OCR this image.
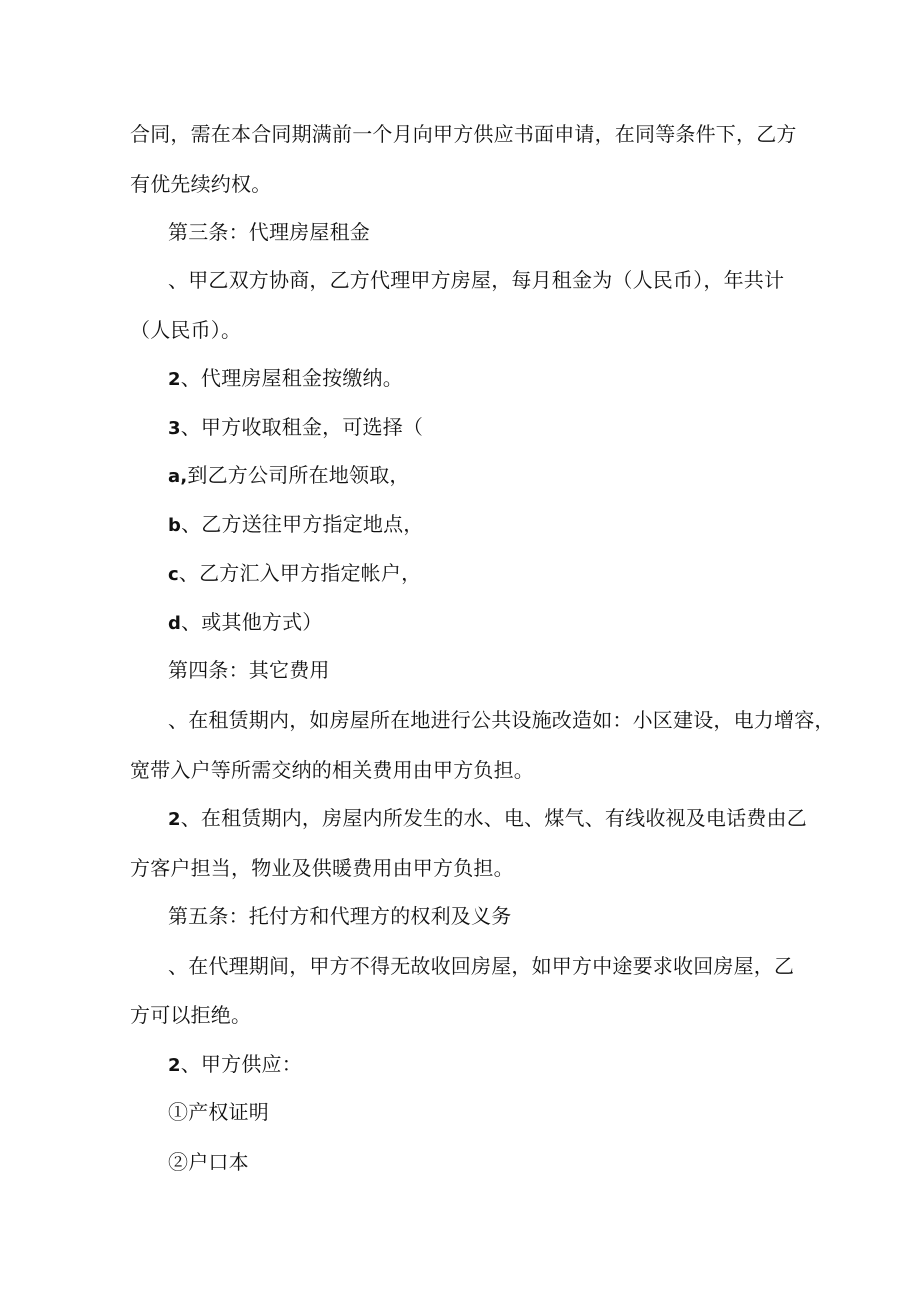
合同，需在本合同期满前一个月向甲方供应书面申请，在同等条件下，乙方
有优先续约权。
第三条：代理房屋租金
、甲乙双方协商，乙方代理甲方房屋，每月租金为（人民币），年共计
（人民币）。
2、代理房屋租金按缴纳。
3、甲方收取租金，可选择（
a,到乙方公司所在地领取，
b、乙方送往甲方指定地点，
c、乙方汇入甲方指定帐户，
d、或其他方式）
第四条：其它费用
、在租赁期内，如房屋所在地进行公共设施改造如：小区建设，电力增容，
宽带入户等所需交纳的相关费用由甲方负担。
2、在租赁期内，房屋内所发生的水、电、煤气、有线收视及电话费由乙
方客户担当，物业及供暖费用由甲方负担。
第五条：托付方和代理方的权利及义务
、在代理期间，甲方不得无故收回房屋，如甲方中途要求收回房屋，乙
方可以拒绝。
2、甲方供应：
①产权证明
②户口本
